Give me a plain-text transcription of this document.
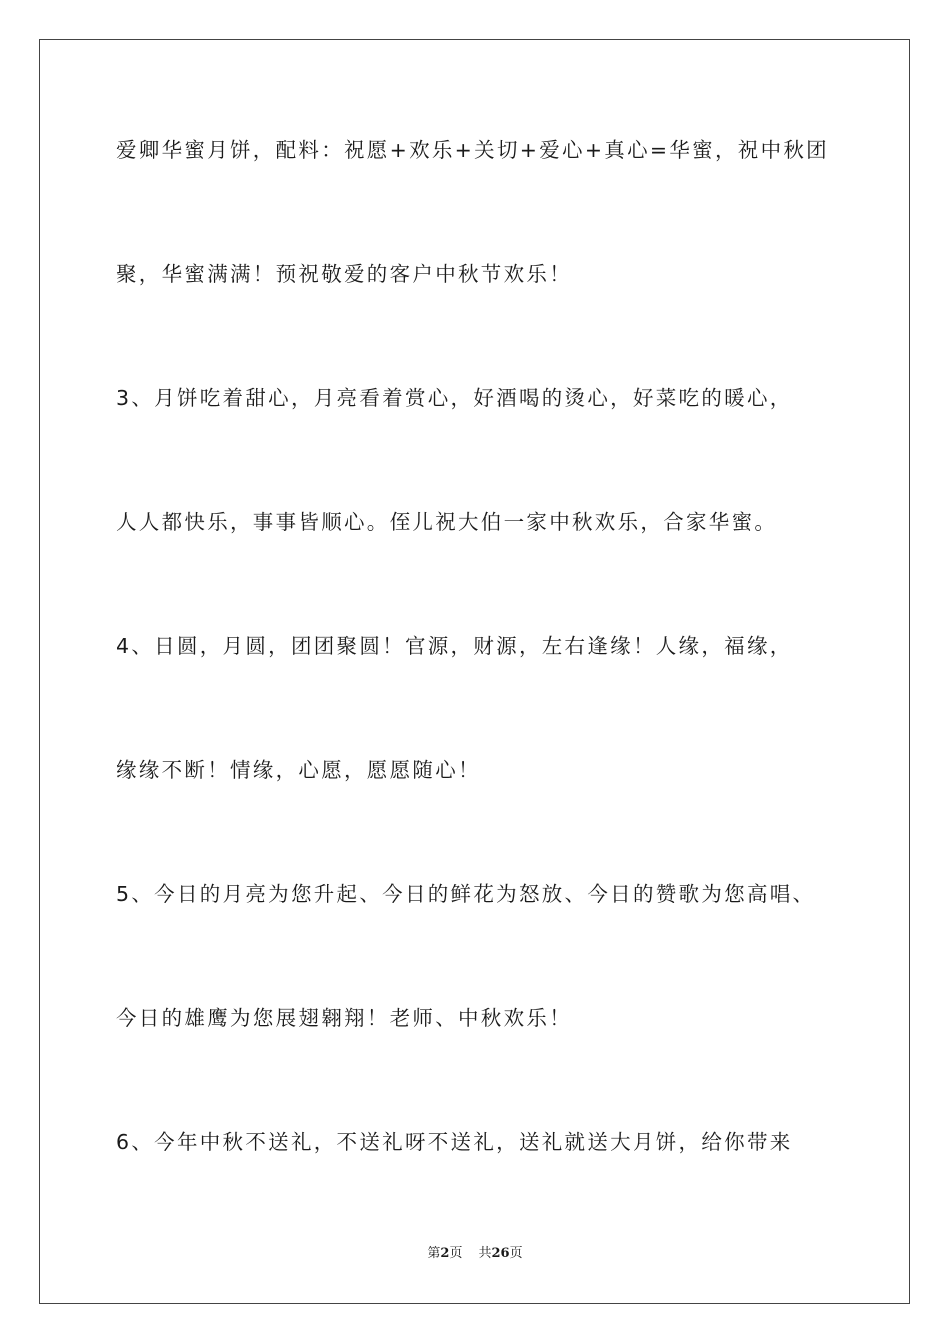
爱卿华蜜月饼，配料：祝愿+欢乐+关切+爱心+真心=华蜜，祝中秋团
聚，华蜜满满！预祝敬爱的客户中秋节欢乐！
3、月饼吃着甜心，月亮看着赏心，好酒喝的烫心，好菜吃的暖心，
人人都快乐，事事皆顺心。侄儿祝大伯一家中秋欢乐，合家华蜜。
4、日圆，月圆，团团聚圆！官源，财源，左右逢缘！人缘，福缘，
缘缘不断！情缘，心愿，愿愿随心！
5、今日的月亮为您升起、今日的鲜花为怒放、今日的赞歌为您高唱、
今日的雄鹰为您展翅翱翔！老师、中秋欢乐！
6、今年中秋不送礼，不送礼呀不送礼，送礼就送大月饼，给你带来
第2页 共26页
